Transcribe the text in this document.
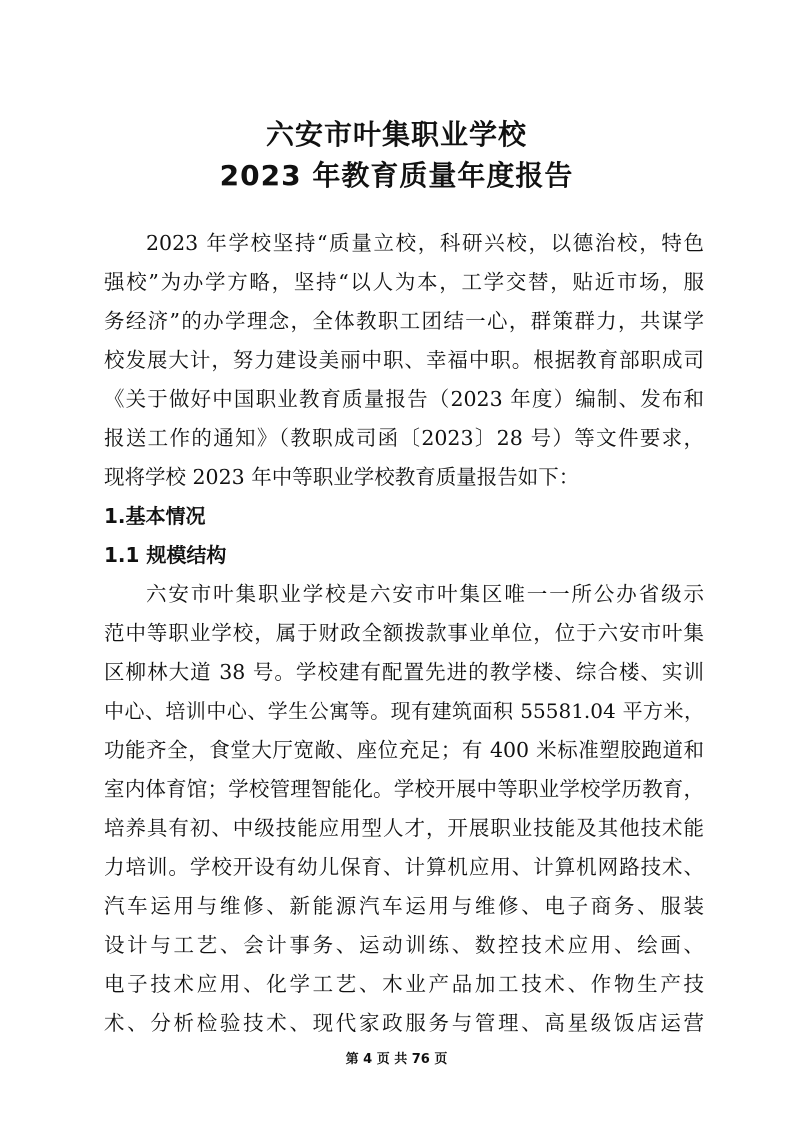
六安市叶集职业学校
2023 年教育质量年度报告
2023 年学校坚持“质量立校，科研兴校，以德治校，特色
强校”为办学方略，坚持“以人为本，工学交替，贴近市场，服
务经济”的办学理念，全体教职工团结一心，群策群力，共谋学
校发展大计，努力建设美丽中职、幸福中职。根据教育部职成司
《关于做好中国职业教育质量报告（2023 年度）编制、发布和
报送工作的通知》（教职成司函〔2023〕28 号）等文件要求，
现将学校 2023 年中等职业学校教育质量报告如下：
1.基本情况
1.1 规模结构
六安市叶集职业学校是六安市叶集区唯一一所公办省级示
范中等职业学校，属于财政全额拨款事业单位，位于六安市叶集
区柳林大道 38 号。学校建有配置先进的教学楼、综合楼、实训
中心、培训中心、学生公寓等。现有建筑面积 55581.04 平方米，
功能齐全，食堂大厅宽敞、座位充足；有 400 米标准塑胶跑道和
室内体育馆；学校管理智能化。学校开展中等职业学校学历教育，
培养具有初、中级技能应用型人才，开展职业技能及其他技术能
力培训。学校开设有幼儿保育、计算机应用、计算机网路技术、
汽车运用与维修、新能源汽车运用与维修、电子商务、服装
设计与工艺、会计事务、运动训练、数控技术应用、绘画、
电子技术应用、化学工艺、木业产品加工技术、作物生产技
术、分析检验技术、现代家政服务与管理、高星级饭店运营
第 4 页 共 76 页
